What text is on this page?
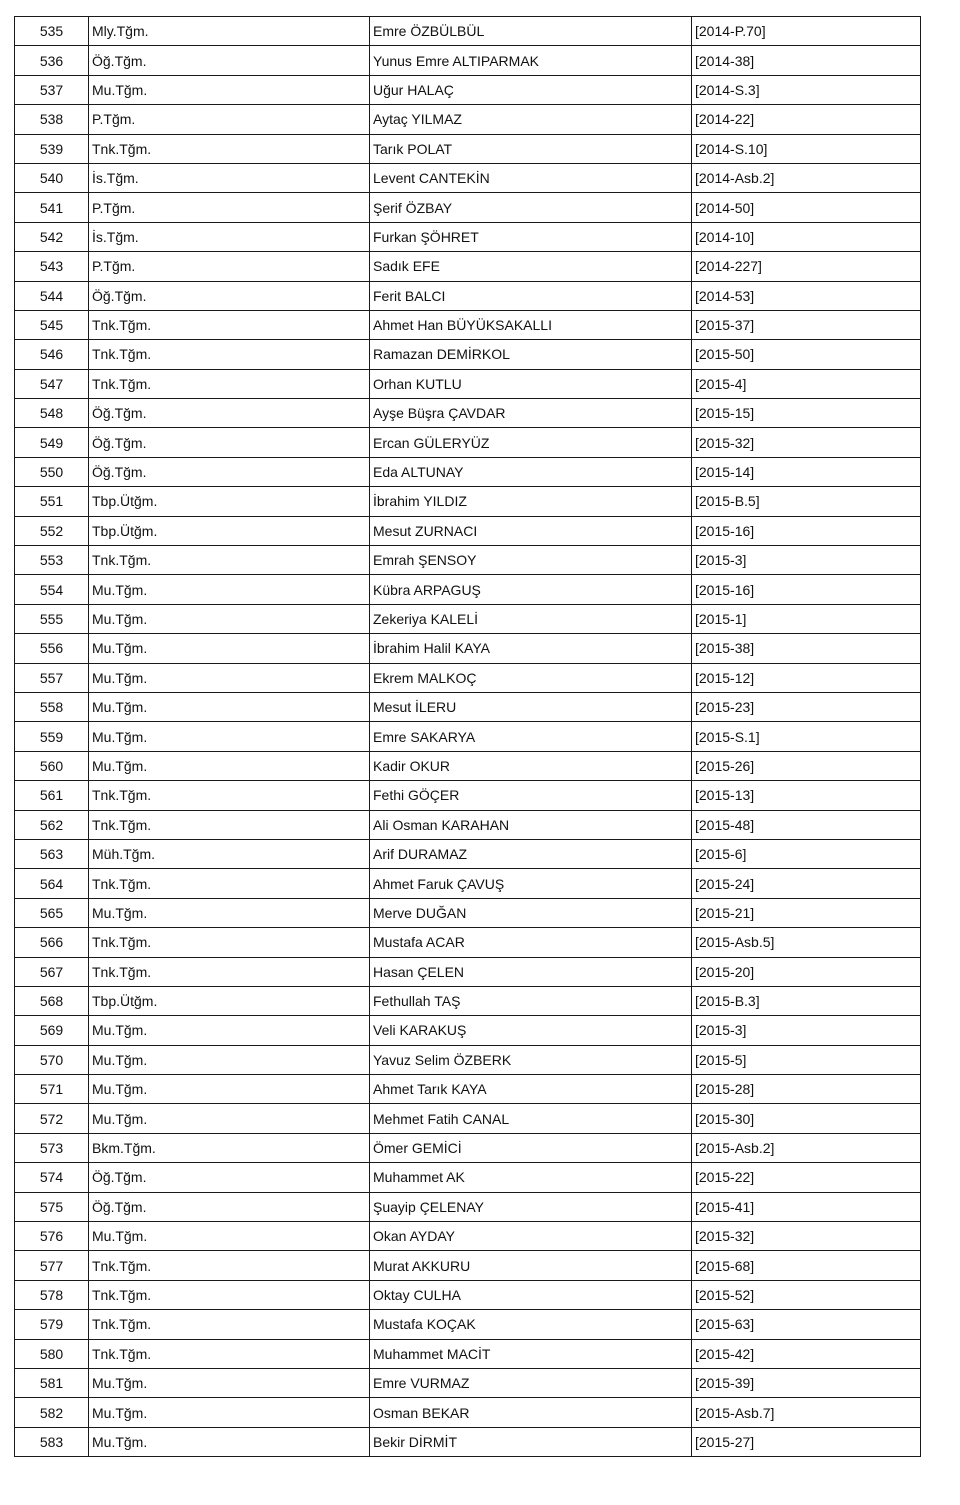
535	Mly.Tğm.	Emre ÖZBÜLBÜL	[2014-P.70]
536	Öğ.Tğm.	Yunus Emre ALTIPARMAK	[2014-38]
537	Mu.Tğm.	Uğur HALAÇ	[2014-S.3]
538	P.Tğm.	Aytaç YILMAZ	[2014-22]
539	Tnk.Tğm.	Tarık POLAT	[2014-S.10]
540	İs.Tğm.	Levent CANTEKİN	[2014-Asb.2]
541	P.Tğm.	Şerif ÖZBAY	[2014-50]
542	İs.Tğm.	Furkan ŞÖHRET	[2014-10]
543	P.Tğm.	Sadık EFE	[2014-227]
544	Öğ.Tğm.	Ferit BALCI	[2014-53]
545	Tnk.Tğm.	Ahmet Han BÜYÜKSAKALLI	[2015-37]
546	Tnk.Tğm.	Ramazan DEMİRKOL	[2015-50]
547	Tnk.Tğm.	Orhan KUTLU	[2015-4]
548	Öğ.Tğm.	Ayşe Büşra ÇAVDAR	[2015-15]
549	Öğ.Tğm.	Ercan GÜLERYÜZ	[2015-32]
550	Öğ.Tğm.	Eda ALTUNAY	[2015-14]
551	Tbp.Ütğm.	İbrahim YILDIZ	[2015-B.5]
552	Tbp.Ütğm.	Mesut ZURNACI	[2015-16]
553	Tnk.Tğm.	Emrah ŞENSOY	[2015-3]
554	Mu.Tğm.	Kübra ARPAGUŞ	[2015-16]
555	Mu.Tğm.	Zekeriya KALELİ	[2015-1]
556	Mu.Tğm.	İbrahim Halil KAYA	[2015-38]
557	Mu.Tğm.	Ekrem MALKOÇ	[2015-12]
558	Mu.Tğm.	Mesut İLERU	[2015-23]
559	Mu.Tğm.	Emre SAKARYA	[2015-S.1]
560	Mu.Tğm.	Kadir OKUR	[2015-26]
561	Tnk.Tğm.	Fethi GÖÇER	[2015-13]
562	Tnk.Tğm.	Ali Osman KARAHAN	[2015-48]
563	Müh.Tğm.	Arif DURAMAZ	[2015-6]
564	Tnk.Tğm.	Ahmet Faruk ÇAVUŞ	[2015-24]
565	Mu.Tğm.	Merve DUĞAN	[2015-21]
566	Tnk.Tğm.	Mustafa ACAR	[2015-Asb.5]
567	Tnk.Tğm.	Hasan ÇELEN	[2015-20]
568	Tbp.Ütğm.	Fethullah TAŞ	[2015-B.3]
569	Mu.Tğm.	Veli KARAKUŞ	[2015-3]
570	Mu.Tğm.	Yavuz Selim ÖZBERK	[2015-5]
571	Mu.Tğm.	Ahmet Tarık KAYA	[2015-28]
572	Mu.Tğm.	Mehmet Fatih CANAL	[2015-30]
573	Bkm.Tğm.	Ömer GEMİCİ	[2015-Asb.2]
574	Öğ.Tğm.	Muhammet AK	[2015-22]
575	Öğ.Tğm.	Şuayip ÇELENAY	[2015-41]
576	Mu.Tğm.	Okan AYDAY	[2015-32]
577	Tnk.Tğm.	Murat AKKURU	[2015-68]
578	Tnk.Tğm.	Oktay CULHA	[2015-52]
579	Tnk.Tğm.	Mustafa KOÇAK	[2015-63]
580	Tnk.Tğm.	Muhammet MACİT	[2015-42]
581	Mu.Tğm.	Emre VURMAZ	[2015-39]
582	Mu.Tğm.	Osman BEKAR	[2015-Asb.7]
583	Mu.Tğm.	Bekir DİRMİT	[2015-27]
